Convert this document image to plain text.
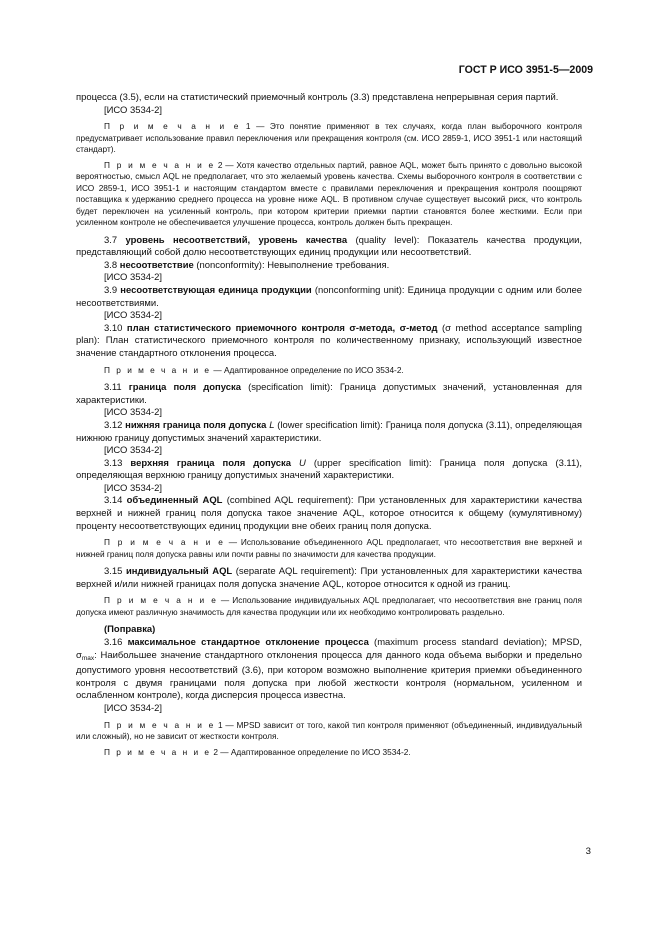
ГОСТ Р ИСО 3951-5—2009

процесса (3.5), если на статистический приемочный контроль (3.3) представлена непрерывная серия партий.

[ИСО 3534-2]

П р и м е ч а н и е 1 — Это понятие применяют в тех случаях, когда план выборочного контроля предусматривает использование правил переключения или прекращения контроля (см. ИСО 2859-1, ИСО 3951-1 или настоящий стандарт).

П р и м е ч а н и е 2 — Хотя качество отдельных партий, равное AQL, может быть принято с довольно высокой вероятностью, смысл AQL не предполагает, что это желаемый уровень качества. Схемы выборочного контроля в соответствии с ИСО 2859-1, ИСО 3951-1 и настоящим стандартом вместе с правилами переключения и прекращения контроля поощряют поставщика к удержанию среднего процесса на уровне ниже AQL. В противном случае существует высокий риск, что контроль будет переключен на усиленный контроль, при котором критерии приемки партии становятся более жесткими. Если при усиленном контроле не обеспечивается улучшение процесса, контроль должен быть прекращен.

3.7 уровень несоответствий, уровень качества (quality level): Показатель качества продукции, представляющий собой долю несоответствующих единиц продукции или несоответствий.

3.8 несоответствие (nonconformity): Невыполнение требования.

[ИСО 3534-2]

3.9 несоответствующая единица продукции (nonconforming unit): Единица продукции с одним или более несоответствиями.

[ИСО 3534-2]

3.10 план статистического приемочного контроля σ-метода, σ-метод (σ method acceptance sampling plan): План статистического приемочного контроля по количественному признаку, использующий известное значение стандартного отклонения процесса.

П р и м е ч а н и е — Адаптированное определение по ИСО 3534-2.

3.11 граница поля допуска (specification limit): Граница допустимых значений, установленная для характеристики.

[ИСО 3534-2]

3.12 нижняя граница поля допуска L (lower specification limit): Граница поля допуска (3.11), определяющая нижнюю границу допустимых значений характеристики.

[ИСО 3534-2]

3.13 верхняя граница поля допуска U (upper specification limit): Граница поля допуска (3.11), определяющая верхнюю границу допустимых значений характеристики.

[ИСО 3534-2]

3.14 объединенный AQL (combined AQL requirement): При установленных для характеристики качества верхней и нижней границ поля допуска такое значение AQL, которое относится к общему (кумулятивному) проценту несоответствующих единиц продукции вне обеих границ поля допуска.

П р и м е ч а н и е — Использование объединенного AQL предполагает, что несоответствия вне верхней и нижней границ поля допуска равны или почти равны по значимости для качества продукции.

3.15 индивидуальный AQL (separate AQL requirement): При установленных для характеристики качества верхней и/или нижней границах поля допуска значение AQL, которое относится к одной из границ.

П р и м е ч а н и е — Использование индивидуальных AQL предполагает, что несоответствия вне границ поля допуска имеют различную значимость для качества продукции или их необходимо контролировать раздельно.

(Поправка)

3.16 максимальное стандартное отклонение процесса (maximum process standard deviation); MPSD, $\sigma_{max}$: Наибольшее значение стандартного отклонения процесса для данного кода объема выборки и предельно допустимого уровня несоответствий (3.6), при котором возможно выполнение критерия приемки объединенного контроля с двумя границами поля допуска при любой жесткости контроля (нормальном, усиленном и ослабленном контроле), когда дисперсия процесса известна.

[ИСО 3534-2]

П р и м е ч а н и е 1 — MPSD зависит от того, какой тип контроля применяют (объединенный, индивидуальный или сложный), но не зависит от жесткости контроля.

П р и м е ч а н и е 2 — Адаптированное определение по ИСО 3534-2.

3
